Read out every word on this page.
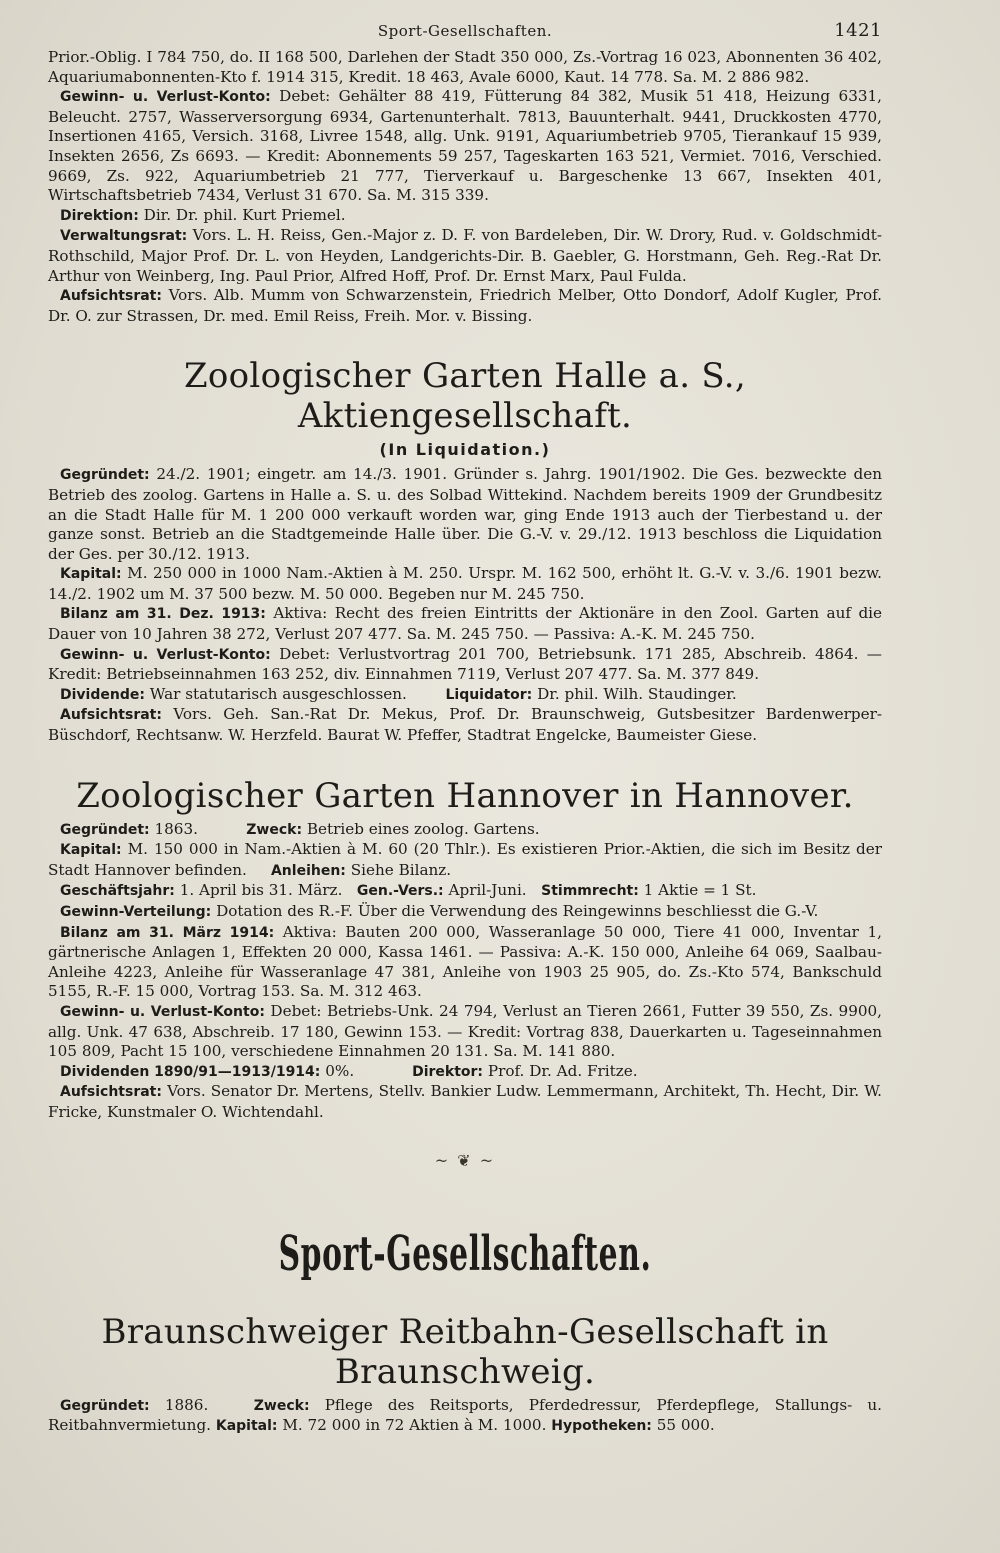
Sport-Gesellschaften.	1421

Prior.-Oblig. I 784 750, do. II 168 500, Darlehen der Stadt 350 000, Zs.-Vortrag 16 023, Abonnenten 36 402, Aquariumabonnenten-Kto f. 1914 315, Kredit. 18 463, Avale 6000, Kaut. 14 778. Sa. M. 2 886 982.

Gewinn- u. Verlust-Konto: Debet: Gehälter 88 419, Fütterung 84 382, Musik 51 418, Heizung 6331, Beleucht. 2757, Wasserversorgung 6934, Gartenunterhalt. 7813, Bauunterhalt. 9441, Druckkosten 4770, Insertionen 4165, Versich. 3168, Livree 1548, allg. Unk. 9191, Aquariumbetrieb 9705, Tierankauf 15 939, Insekten 2656, Zs 6693. — Kredit: Abonnements 59 257, Tageskarten 163 521, Vermiet. 7016, Verschied. 9669, Zs. 922, Aquariumbetrieb 21 777, Tierverkauf u. Bargeschenke 13 667, Insekten 401, Wirtschaftsbetrieb 7434, Verlust 31 670. Sa. M. 315 339.

Direktion: Dir. Dr. phil. Kurt Priemel.

Verwaltungsrat: Vors. L. H. Reiss, Gen.-Major z. D. F. von Bardeleben, Dir. W. Drory, Rud. v. Goldschmidt-Rothschild, Major Prof. Dr. L. von Heyden, Landgerichts-Dir. B. Gaebler, G. Horstmann, Geh. Reg.-Rat Dr. Arthur von Weinberg, Ing. Paul Prior, Alfred Hoff, Prof. Dr. Ernst Marx, Paul Fulda.

Aufsichtsrat: Vors. Alb. Mumm von Schwarzenstein, Friedrich Melber, Otto Dondorf, Adolf Kugler, Prof. Dr. O. zur Strassen, Dr. med. Emil Reiss, Freih. Mor. v. Bissing.

Zoologischer Garten Halle a. S., Aktiengesellschaft.
(In Liquidation.)

Gegründet: 24./2. 1901; eingetr. am 14./3. 1901. Gründer s. Jahrg. 1901/1902. Die Ges. bezweckte den Betrieb des zoolog. Gartens in Halle a. S. u. des Solbad Wittekind. Nachdem bereits 1909 der Grundbesitz an die Stadt Halle für M. 1 200 000 verkauft worden war, ging Ende 1913 auch der Tierbestand u. der ganze sonst. Betrieb an die Stadtgemeinde Halle über. Die G.-V. v. 29./12. 1913 beschloss die Liquidation der Ges. per 30./12. 1913.

Kapital: M. 250 000 in 1000 Nam.-Aktien à M. 250. Urspr. M. 162 500, erhöht lt. G.-V. v. 3./6. 1901 bezw. 14./2. 1902 um M. 37 500 bezw. M. 50 000. Begeben nur M. 245 750.

Bilanz am 31. Dez. 1913: Aktiva: Recht des freien Eintritts der Aktionäre in den Zool. Garten auf die Dauer von 10 Jahren 38 272, Verlust 207 477. Sa. M. 245 750. — Passiva: A.-K. M. 245 750.

Gewinn- u. Verlust-Konto: Debet: Verlustvortrag 201 700, Betriebsunk. 171 285, Abschreib. 4864. — Kredit: Betriebseinnahmen 163 252, div. Einnahmen 7119, Verlust 207 477. Sa. M. 377 849.

Dividende: War statutarisch ausgeschlossen.	Liquidator: Dr. phil. Wilh. Staudinger.

Aufsichtsrat: Vors. Geh. San.-Rat Dr. Mekus, Prof. Dr. Braunschweig, Gutsbesitzer Bardenwerper-Büschdorf, Rechtsanw. W. Herzfeld. Baurat W. Pfeffer, Stadtrat Engelcke, Baumeister Giese.

Zoologischer Garten Hannover in Hannover.

Gegründet: 1863.	Zweck: Betrieb eines zoolog. Gartens.

Kapital: M. 150 000 in Nam.-Aktien à M. 60 (20 Thlr.). Es existieren Prior.-Aktien, die sich im Besitz der Stadt Hannover befinden. Anleihen: Siehe Bilanz.

Geschäftsjahr: 1. April bis 31. März. Gen.-Vers.: April-Juni. Stimmrecht: 1 Aktie = 1 St.

Gewinn-Verteilung: Dotation des R.-F. Über die Verwendung des Reingewinns beschliesst die G.-V.

Bilanz am 31. März 1914: Aktiva: Bauten 200 000, Wasseranlage 50 000, Tiere 41 000, Inventar 1, gärtnerische Anlagen 1, Effekten 20 000, Kassa 1461. — Passiva: A.-K. 150 000, Anleihe 64 069, Saalbau-Anleihe 4223, Anleihe für Wasseranlage 47 381, Anleihe von 1903 25 905, do. Zs.-Kto 574, Bankschuld 5155, R.-F. 15 000, Vortrag 153. Sa. M. 312 463.

Gewinn- u. Verlust-Konto: Debet: Betriebs-Unk. 24 794, Verlust an Tieren 2661, Futter 39 550, Zs. 9900, allg. Unk. 47 638, Abschreib. 17 180, Gewinn 153. — Kredit: Vortrag 838, Dauerkarten u. Tageseinnahmen 105 809, Pacht 15 100, verschiedene Einnahmen 20 131. Sa. M. 141 880.

Dividenden 1890/91—1913/1914: 0%.	Direktor: Prof. Dr. Ad. Fritze.

Aufsichtsrat: Vors. Senator Dr. Mertens, Stellv. Bankier Ludw. Lemmermann, Architekt, Th. Hecht, Dir. W. Fricke, Kunstmaler O. Wichtendahl.

~ ❦ ~
Sport-Gesellschaften.
Braunschweiger Reitbahn-Gesellschaft in Braunschweig.

Gegründet: 1886.	Zweck: Pflege des Reitsports, Pferdedressur, Pferdepflege, Stallungs- u. Reitbahnvermietung. Kapital: M. 72 000 in 72 Aktien à M. 1000. Hypotheken: 55 000.
